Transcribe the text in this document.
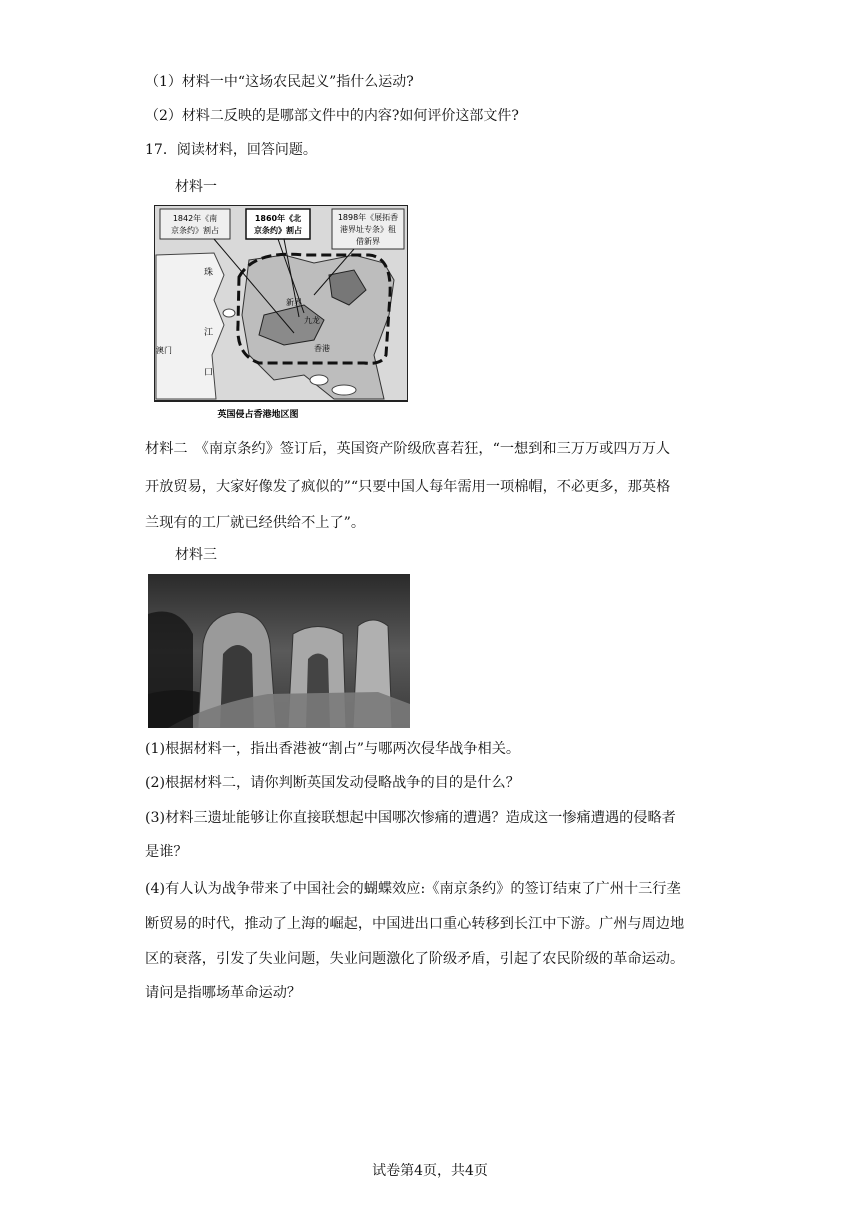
（1）材料一中“这场农民起义”指什么运动?
（2）材料二反映的是哪部文件中的内容?如何评价这部文件?
17．阅读材料，回答问题。
材料一
1842年《南
京条约》割占
1860年《北
京条约》割占
1898年《展拓香
港界址专条》租
借新界
珠
江
口
澳门
九龙
香港
新界
英国侵占香港地区图
材料二　《南京条约》签订后，英国资产阶级欣喜若狂，“一想到和三万万或四万万人
开放贸易，大家好像发了疯似的”“只要中国人每年需用一项棉帽，不必更多，那英格
兰现有的工厂就已经供给不上了”。
材料三
(1)根据材料一，指出香港被“割占”与哪两次侵华战争相关。
(2)根据材料二，请你判断英国发动侵略战争的目的是什么？
(3)材料三遗址能够让你直接联想起中国哪次惨痛的遭遇？造成这一惨痛遭遇的侵略者
是谁？
(4)有人认为战争带来了中国社会的蝴蝶效应:《南京条约》的签订结束了广州十三行垄
断贸易的时代，推动了上海的崛起，中国进出口重心转移到长江中下游。广州与周边地
区的衰落，引发了失业问题，失业问题激化了阶级矛盾，引起了农民阶级的革命运动。
请问是指哪场革命运动？
试卷第4页，共4页
